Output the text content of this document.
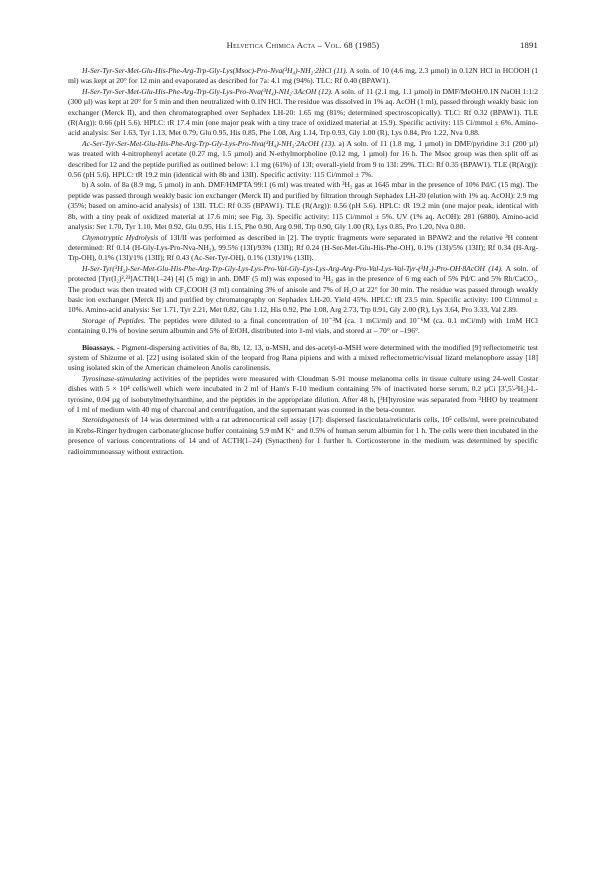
Helvetica Chimica Acta – Vol. 68 (1985)	1891

H-Ser-Tyr-Ser-Met-Glu-His-Phe-Arg-Trp-Gly-Lys(Msoc)-Pro-Nva(³H₄)-NH₂·2HCl (11). A soln. of 10 (4.6 mg, 2.3 µmol) in 0.12N HCl in HCOOH (1 ml) was kept at 20° for 12 min and evaporated as described for 7a: 4.1 mg (94%). TLC: Rf 0.40 (BPAW1).

H-Ser-Tyr-Ser-Met-Glu-His-Phe-Arg-Trp-Gly-Lys-Pro-Nva(³H₄)-NH₂·3AcOH (12). A soln. of 11 (2.1 mg, 1.1 µmol) in DMF/MeOH/0.1N NaOH 1:1:2 (300 µl) was kept at 20° for 5 min and then neutralized with 0.1N HCl. The residue was dissolved in 1% aq. AcOH (1 ml), passed through weakly basic ion exchanger (Merck II), and then chromatographed over Sephadex LH-20: 1.65 mg (81%; determined spectroscopically). TLC: Rf 0.32 (BPAW1). TLE (R(Arg)): 0.66 (pH 5.6). HPLC: tR 17.4 min (one major peak with a tiny trace of oxidized material at 15.9). Specific activity: 115 Ci/mmol ± 6%. Amino-acid analysis: Ser 1.63, Tyr 1.13, Met 0.79, Glu 0.95, His 0.85, Phe 1.08, Arg 1.14, Trp 0.93, Gly 1.00 (R), Lys 0.84, Pro 1.22, Nva 0.88.

Ac-Ser-Tyr-Ser-Met-Glu-His-Phe-Arg-Trp-Gly-Lys-Pro-Nva(³H₄)-NH₂·2AcOH (13). a) A soln. of 11 (1.8 mg, 1 µmol) in DMF/pyridine 3:1 (200 µl) was treated with 4-nitrophenyl acetate (0.27 mg, 1.5 µmol) and N-ethylmorpholine (0.12 mg, 1 µmol) for 16 h. The Msoc group was then split off as described for 12 and the peptide purified as outlined below: 1.1 mg (61%) of 13I; overall-yield from 9 to 13I: 29%. TLC: Rf 0.35 (BPAW1). TLE (R(Arg)): 0.56 (pH 5.6). HPLC: tR 19.2 min (identical with 8b and 13II). Specific activity: 115 Ci/mmol ± 7%.

b) A soln. of 8a (8.9 mg, 5 µmol) in anh. DMF/HMPTA 99:1 (6 ml) was treated with ³H₂ gas at 1645 mbar in the presence of 10% Pd/C (15 mg). The peptide was passed through weakly basic ion exchanger (Merck II) and purified by filtration through Sephadex LH-20 (elution with 1% aq. AcOH): 2.9 mg (35%; based on amino-acid analysis) of 13II. TLC: Rf 0.35 (BPAW1). TLE (R(Arg)): 0.56 (pH 5.6). HPLC: tR 19.2 min (one major peak, identical with 8b, with a tiny peak of oxidized material at 17.6 min; see Fig. 3). Specific activity: 115 Ci/mmol ± 5%. UV (1% aq. AcOH): 281 (6880). Amino-acid analysis: Ser 1.70, Tyr 1.10, Met 0.92, Glu 0.95, His 1.15, Phe 0.90, Arg 0.98, Trp 0.90, Gly 1.00 (R), Lys 0.85, Pro 1.20, Nva 0.80.

Chymotryptic Hydrolysis of 13I/II was performed as described in [2]. The tryptic fragments were separated in BPAW2 and the relative ³H content determined: Rf 0.14 (H-Gly-Lys-Pro-Nva-NH₂), 99.5% (13I)/93% (13II); Rf 0.24 (H-Ser-Met-Glu-His-Phe-OH), 0.1% (13I)/5% (13II); Rf 0.34 (H-Arg-Trp-OH), 0.1% (13I)/1% (13II); Rf 0.43 (Ac-Ser-Tyr-OH), 0.1% (13I)/1% (13II).

H-Ser-Tyr(³H₂)-Ser-Met-Glu-His-Phe-Arg-Trp-Gly-Lys-Lys-Pro-Val-Gly-Lys-Lys-Arg-Arg-Pro-Val-Lys-Val-Tyr-(³H₂)-Pro-OH·8AcOH (14). A soln. of protected [Tyr(I₂)²,²³]ACTH(1–24) [4] (5 mg) in anh. DMF (5 ml) was exposed to ³H₂ gas in the presence of 6 mg each of 5% Pd/C and 5% Rh/CaCO₃. The product was then treated with CF₃COOH (3 ml) containing 3% of anisole and 7% of H₂O at 22° for 30 min. The residue was passed through weakly basic ion exchanger (Merck II) and purified by chromatography on Sephadex LH-20. Yield 45%. HPLC: tR 23.5 min. Specific activity: 100 Ci/mmol ± 10%. Amino-acid analysis: Ser 1.71, Tyr 2.21, Met 0.82, Glu 1.12, His 0.92, Phe 1.08, Arg 2.73, Trp 0.91, Gly 2.00 (R), Lys 3.64, Pro 3.33, Val 2.89.

Storage of Peptides. The peptides were diluted to a final concentration of 10⁻³M (ca. 1 mCi/ml) and 10⁻⁶M (ca. 0.1 mCi/ml) with 1mM HCl containing 0.1% of bovine serum albumin and 5% of EtOH, distributed into 1-ml vials, and stored at – 70° or –196°.

Bioassays. - Pigment-dispersing activities of 8a, 8b, 12, 13, α-MSH, and des-acetyl-α-MSH were determined with the modified [9] reflectometric test system of Shizume et al. [22] using isolated skin of the leopard frog Rana pipiens and with a mixed reflectometric/visual lizard melanophore assay [18] using isolated skin of the American chameleon Anolis carolinensis.

Tyrosinase-stimulating activities of the peptides were measured with Cloudman S-91 mouse melanoma cells in tissue culture using 24-well Costar dishes with 5 × 10⁴ cells/well which were incubated in 2 ml of Ham's F-10 medium containing 5% of inactivated horse serum, 0.2 µCi [3',5'-³H₂]-L-tyrosine, 0.04 µg of isobutylmethylxanthine, and the peptides in the appropriate dilution. After 48 h, [³H]tyrosine was separated from ³HHO by treatment of 1 ml of medium with 40 mg of charcoal and centrifugation, and the supernatant was counted in the beta-counter.

Steroidogenesis of 14 was determined with a rat adrenocortical cell assay [17]: dispersed fasciculata/reticularis cells, 10⁵ cells/ml, were preincubated in Krebs-Ringer hydrogen carbonate/glucose buffer containing 5.9 mM K⁺ and 0.5% of human serum albumin for 1 h. The cells were then incubated in the presence of various concentrations of 14 and of ACTH(1–24) (Synacthen) for 1 further h. Corticosterone in the medium was determined by specific radioimmunoassay without extraction.
